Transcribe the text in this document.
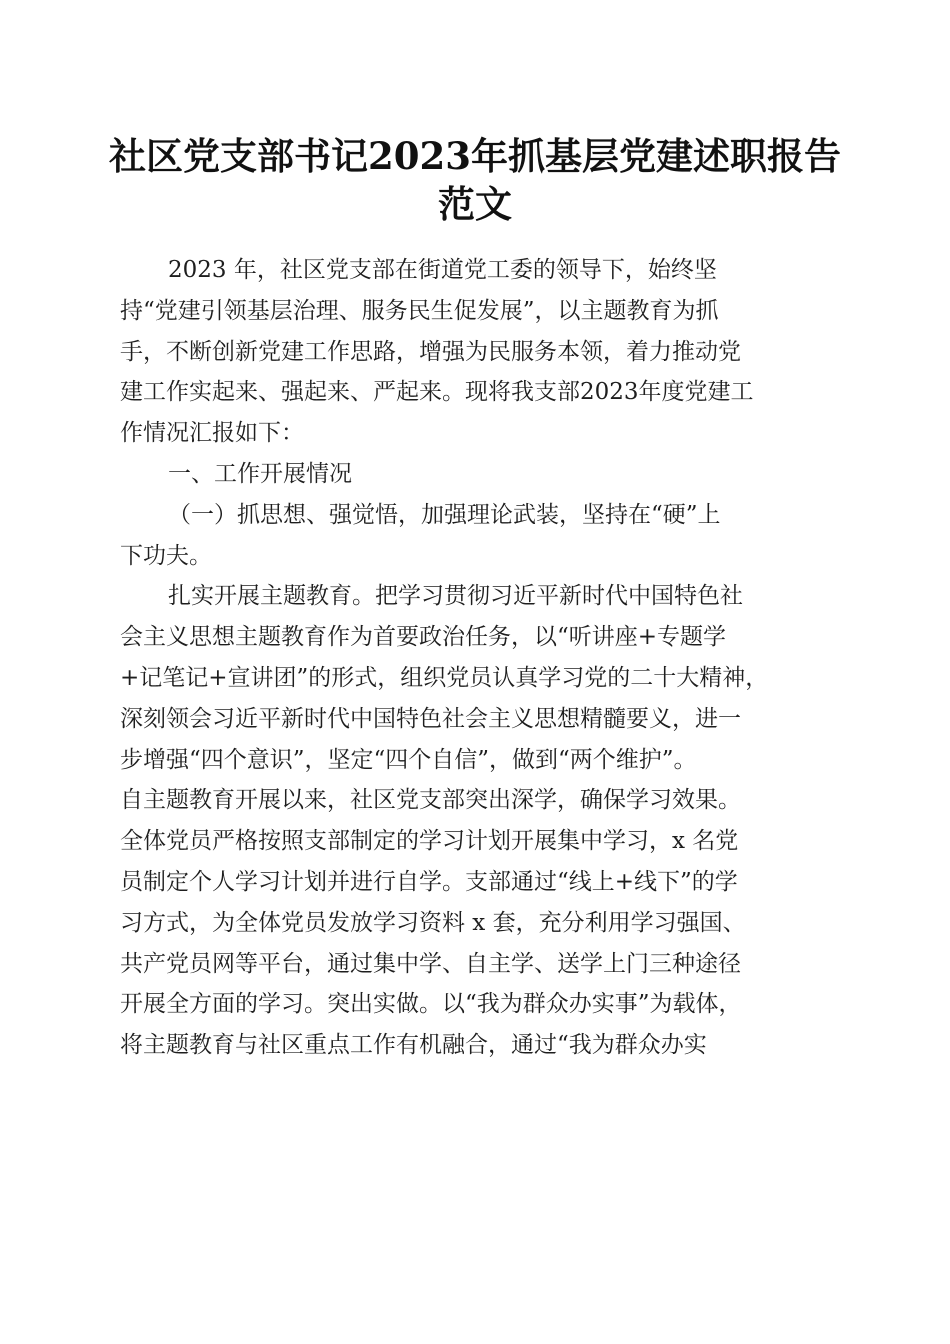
社区党支部书记2023年抓基层党建述职报告
范文
2023 年，社区党支部在街道党工委的领导下，始终坚
持“党建引领基层治理、服务民生促发展”，以主题教育为抓
手，不断创新党建工作思路，增强为民服务本领，着力推动党
建工作实起来、强起来、严起来。现将我支部2023年度党建工
作情况汇报如下：
一、工作开展情况
（一）抓思想、强觉悟，加强理论武装，坚持在“硬”上
下功夫。
扎实开展主题教育。把学习贯彻习近平新时代中国特色社
会主义思想主题教育作为首要政治任务，以“听讲座+专题学
+记笔记+宣讲团”的形式，组织党员认真学习党的二十大精神，
深刻领会习近平新时代中国特色社会主义思想精髓要义，进一
步增强“四个意识”，坚定“四个自信”，做到“两个维护”。
自主题教育开展以来，社区党支部突出深学，确保学习效果。
全体党员严格按照支部制定的学习计划开展集中学习，x 名党
员制定个人学习计划并进行自学。支部通过“线上+线下”的学
习方式，为全体党员发放学习资料 x 套，充分利用学习强国、
共产党员网等平台，通过集中学、自主学、送学上门三种途径
开展全方面的学习。突出实做。以“我为群众办实事”为载体，
将主题教育与社区重点工作有机融合，通过“我为群众办实
